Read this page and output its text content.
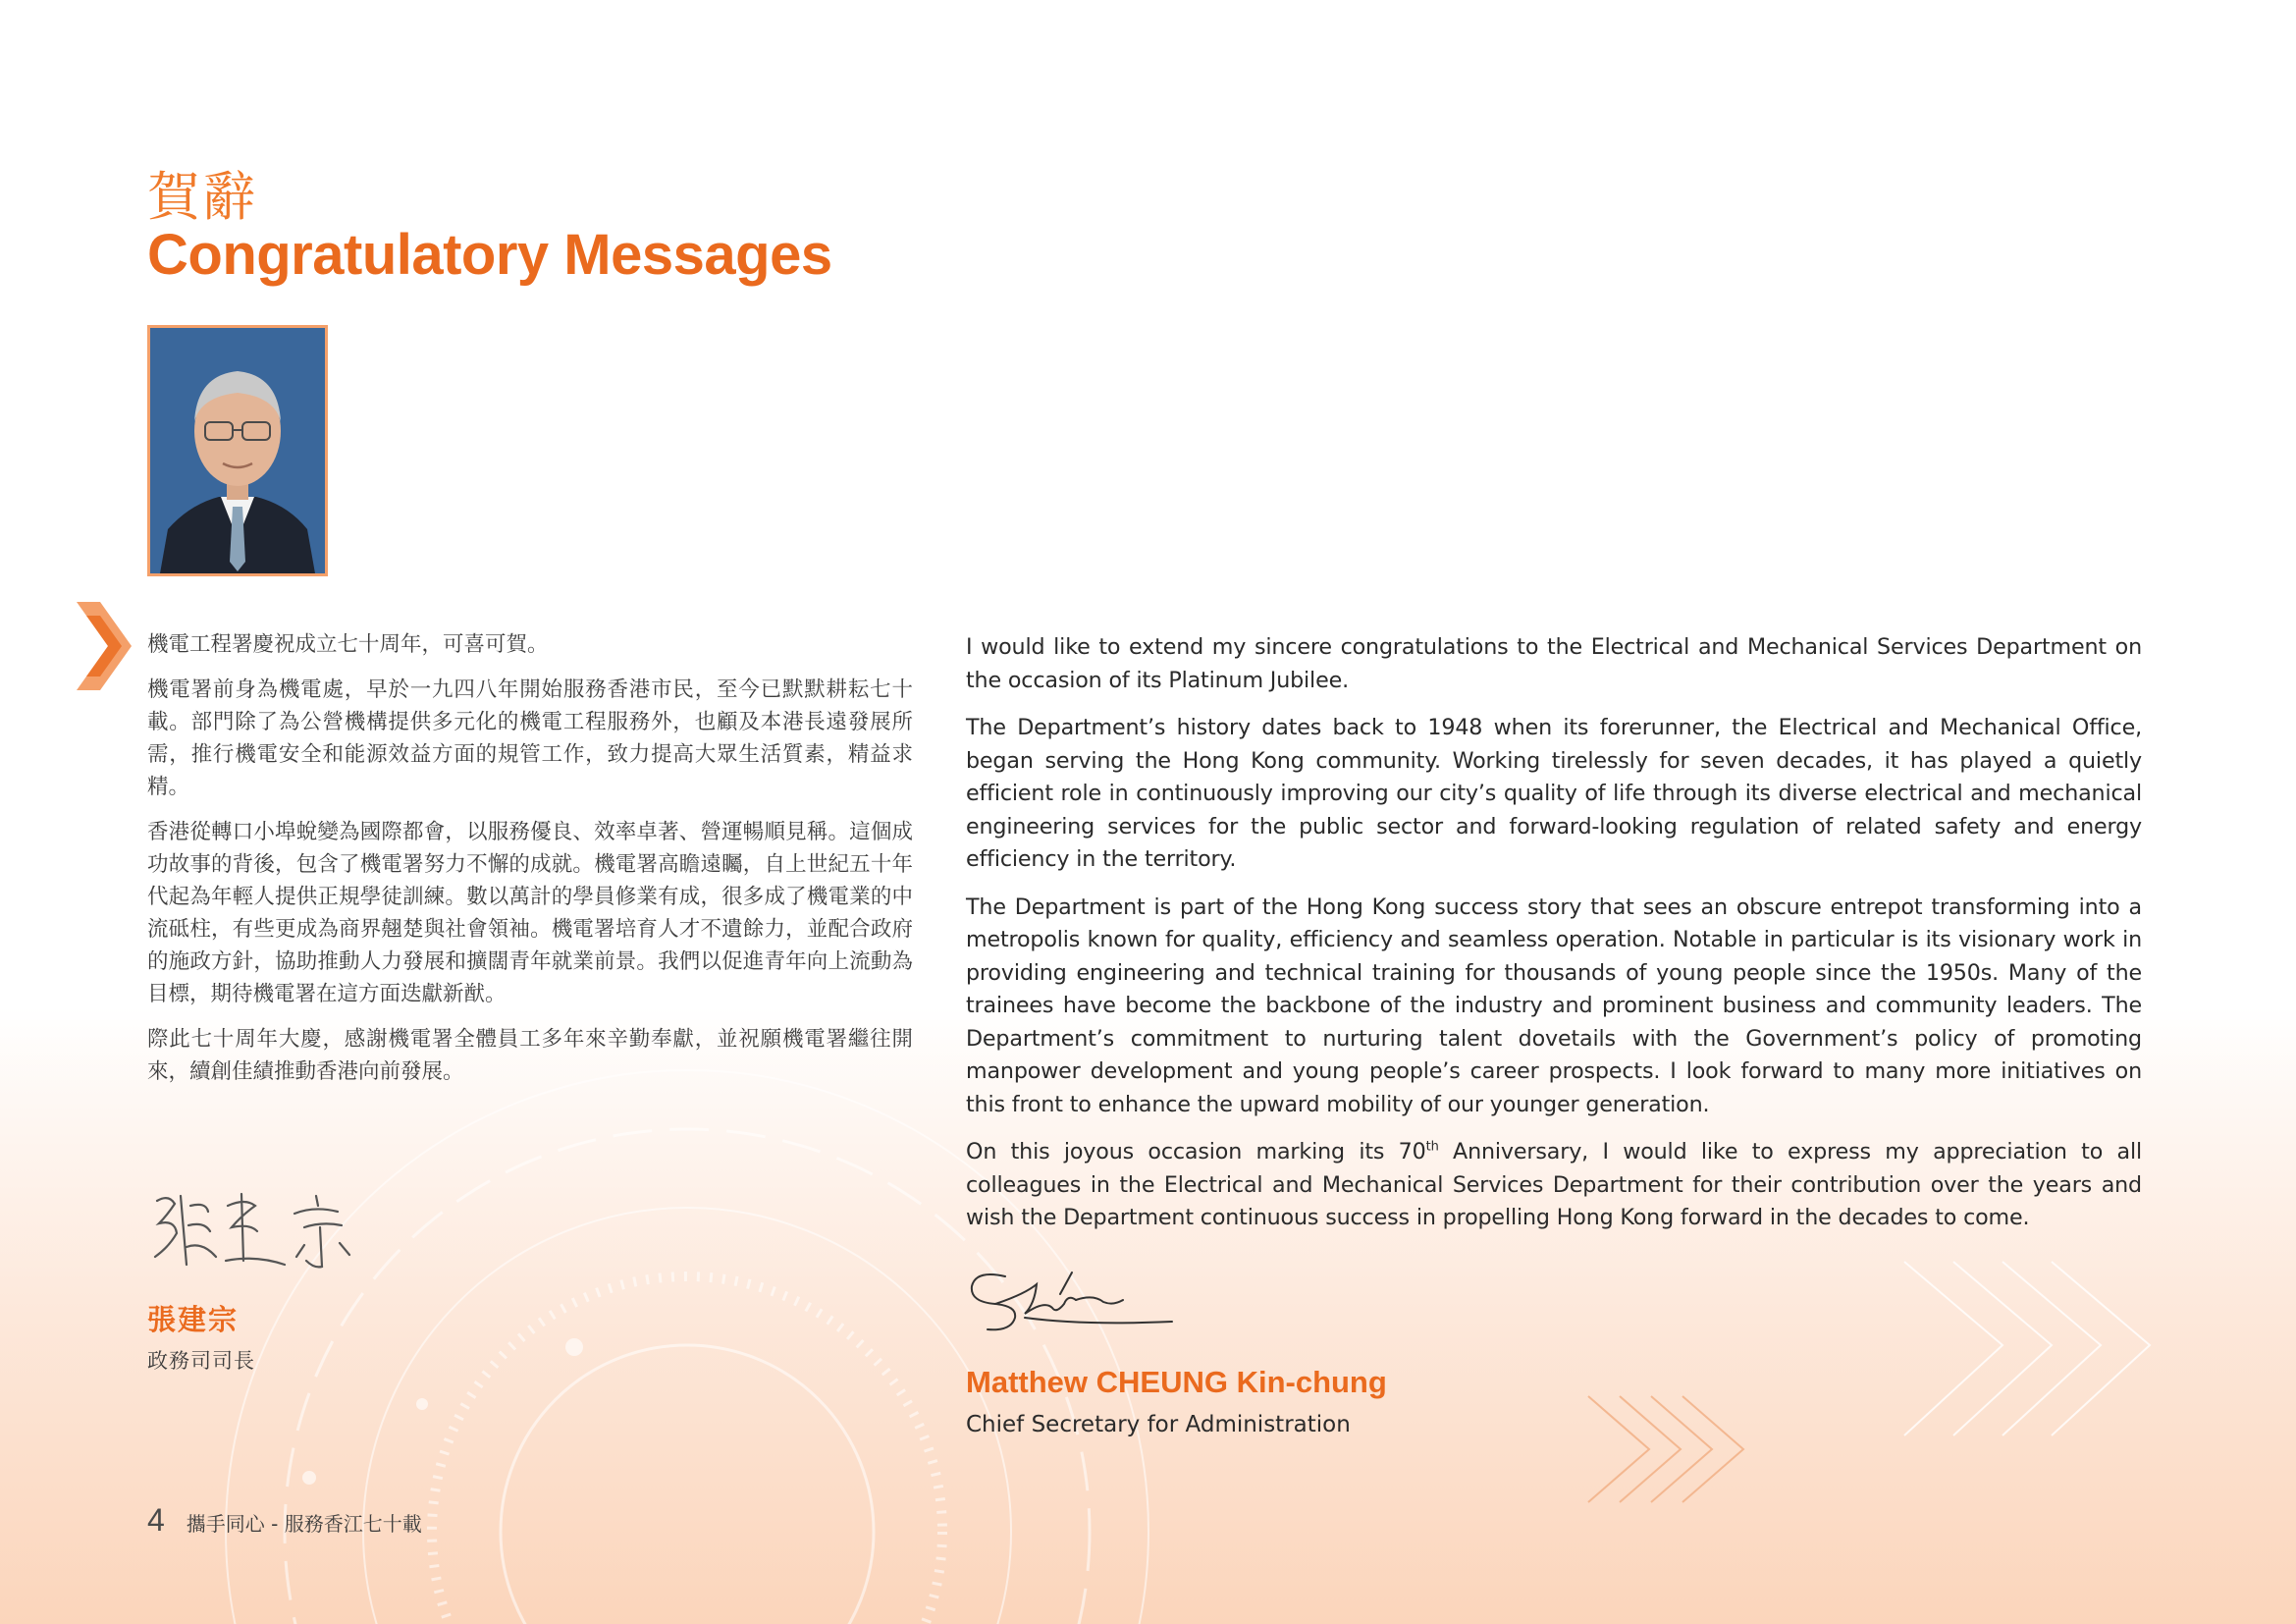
賀辭
Congratulatory Messages

機電工程署慶祝成立七十周年，可喜可賀。

機電署前身為機電處，早於一九四八年開始服務香港市民，至今已默默耕耘七十載。部門除了為公營機構提供多元化的機電工程服務外，也顧及本港長遠發展所需，推行機電安全和能源效益方面的規管工作，致力提高大眾生活質素，精益求精。

香港從轉口小埠蛻變為國際都會，以服務優良、效率卓著、營運暢順見稱。這個成功故事的背後，包含了機電署努力不懈的成就。機電署高瞻遠矚，自上世紀五十年代起為年輕人提供正規學徒訓練。數以萬計的學員修業有成，很多成了機電業的中流砥柱，有些更成為商界翹楚與社會領袖。機電署培育人才不遺餘力，並配合政府的施政方針，協助推動人力發展和擴闊青年就業前景。我們以促進青年向上流動為目標，期待機電署在這方面迭獻新猷。

際此七十周年大慶，感謝機電署全體員工多年來辛勤奉獻，並祝願機電署繼往開來，續創佳績推動香港向前發展。

I would like to extend my sincere congratulations to the Electrical and Mechanical Services Department on the occasion of its Platinum Jubilee.

The Department’s history dates back to 1948 when its forerunner, the Electrical and Mechanical Office, began serving the Hong Kong community. Working tirelessly for seven decades, it has played a quietly efficient role in continuously improving our city’s quality of life through its diverse electrical and mechanical engineering services for the public sector and forward-looking regulation of related safety and energy efficiency in the territory.

The Department is part of the Hong Kong success story that sees an obscure entrepot transforming into a metropolis known for quality, efficiency and seamless operation. Notable in particular is its visionary work in providing engineering and technical training for thousands of young people since the 1950s. Many of the trainees have become the backbone of the industry and prominent business and community leaders. The Department’s commitment to nurturing talent dovetails with the Government’s policy of promoting manpower development and young people’s career prospects. I look forward to many more initiatives on this front to enhance the upward mobility of our younger generation.

On this joyous occasion marking its 70th Anniversary, I would like to express my appreciation to all colleagues in the Electrical and Mechanical Services Department for their contribution over the years and wish the Department continuous success in propelling Hong Kong forward in the decades to come.

張建宗
政務司司長
Matthew CHEUNG Kin-chung
Chief Secretary for Administration
4 攜手同心 - 服務香江七十載
